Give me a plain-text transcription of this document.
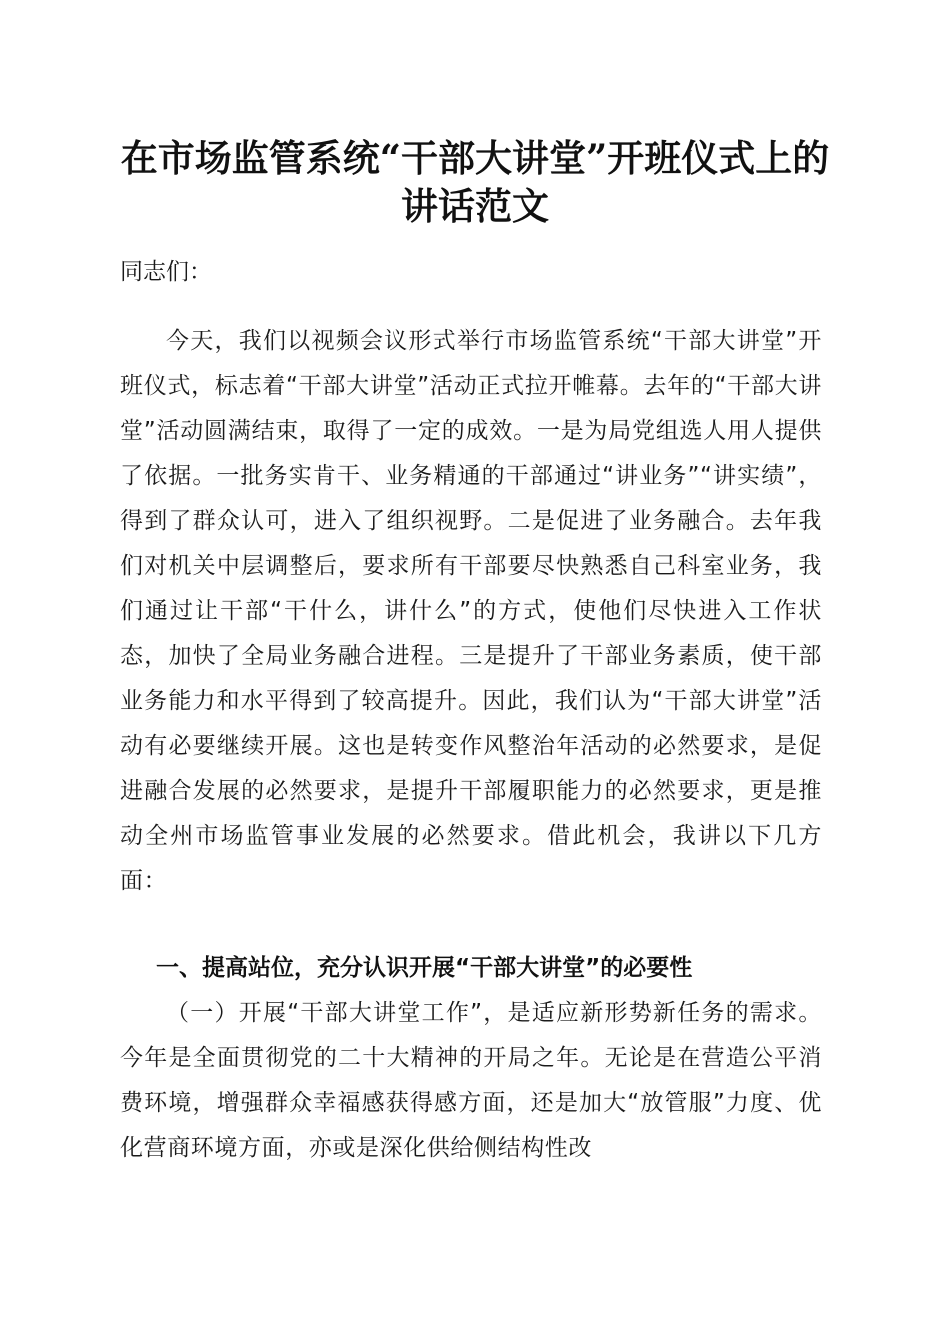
在市场监管系统“干部大讲堂”开班仪式上的
讲话范文
同志们：
今天，我们以视频会议形式举行市场监管系统“干部大讲堂”开班仪式，标志着“干部大讲堂”活动正式拉开帷幕。去年的“干部大讲堂”活动圆满结束，取得了一定的成效。一是为局党组选人用人提供了依据。一批务实肯干、业务精通的干部通过“讲业务”“讲实绩”，得到了群众认可，进入了组织视野。二是促进了业务融合。去年我们对机关中层调整后，要求所有干部要尽快熟悉自己科室业务，我们通过让干部“干什么，讲什么”的方式，使他们尽快进入工作状态，加快了全局业务融合进程。三是提升了干部业务素质，使干部业务能力和水平得到了较高提升。因此，我们认为“干部大讲堂”活动有必要继续开展。这也是转变作风整治年活动的必然要求，是促进融合发展的必然要求，是提升干部履职能力的必然要求，更是推动全州市场监管事业发展的必然要求。借此机会，我讲以下几方面：
一、提高站位，充分认识开展“干部大讲堂”的必要性
（一）开展“干部大讲堂工作”，是适应新形势新任务的需求。今年是全面贯彻党的二十大精神的开局之年。无论是在营造公平消费环境，增强群众幸福感获得感方面，还是加大“放管服”力度、优化营商环境方面，亦或是深化供给侧结构性改
